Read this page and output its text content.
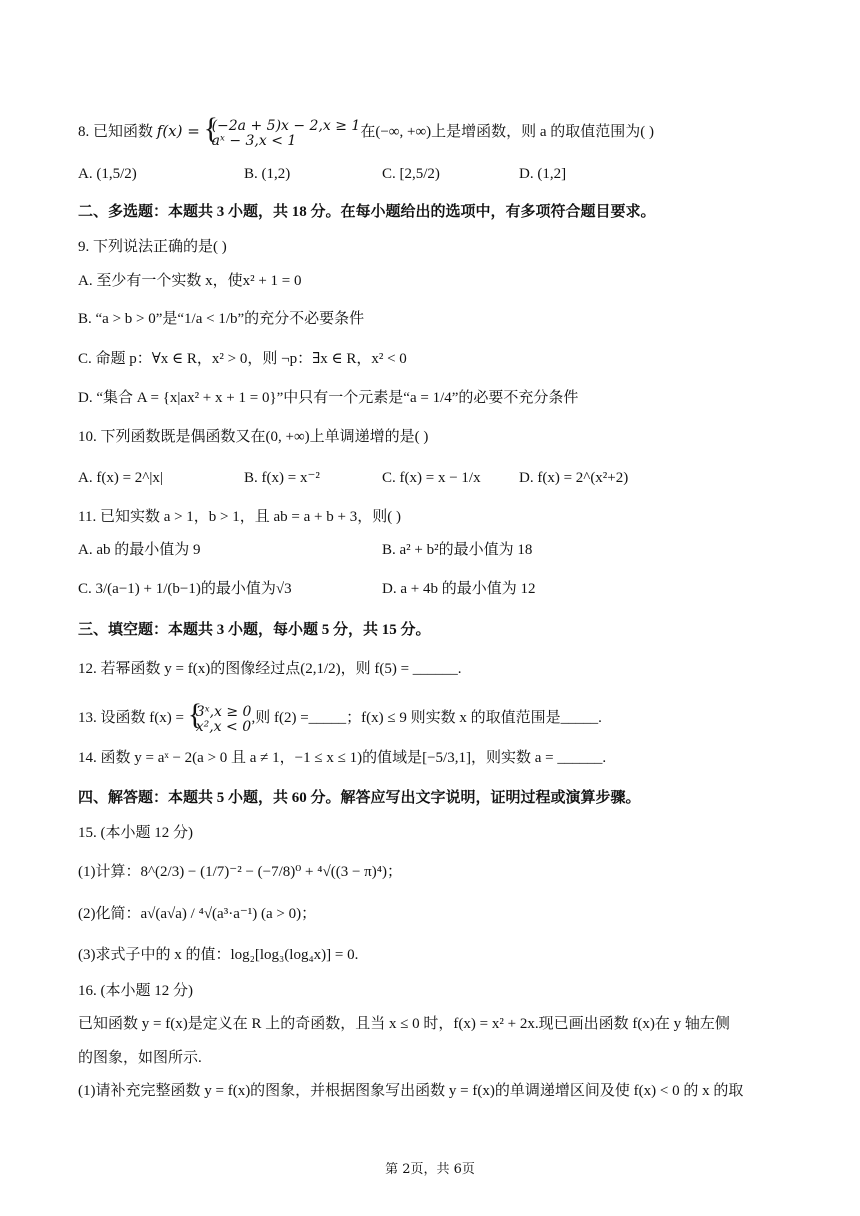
8. 已知函数 f(x) = {
(−2a + 5)x − 2,x ≥ 1
aˣ − 3,x < 1
在(−∞, +∞)上是增函数，则 a 的取值范围为( )
A. (1,5/2)	B. (1,2)	C. [2,5/2)	D. (1,2]
二、多选题：本题共 3 小题，共 18 分。在每小题给出的选项中，有多项符合题目要求。
9. 下列说法正确的是( )
A. 至少有一个实数 x，使x² + 1 = 0
B. “a > b > 0”是“1/a < 1/b”的充分不必要条件
C. 命题 p：∀x ∈ R，x² > 0，则 ¬p：∃x ∈ R，x² < 0
D. “集合 A = {x|ax² + x + 1 = 0}”中只有一个元素是“a = 1/4”的必要不充分条件
10. 下列函数既是偶函数又在(0, +∞)上单调递增的是( )
A. f(x) = 2^|x|	B. f(x) = x⁻²	C. f(x) = x − 1/x	D. f(x) = 2^(x²+2)
11. 已知实数 a > 1，b > 1，且 ab = a + b + 3，则( )
A. ab 的最小值为 9	B. a² + b²的最小值为 18
C. 3/(a−1) + 1/(b−1)的最小值为√3	D. a + 4b 的最小值为 12
三、填空题：本题共 3 小题，每小题 5 分，共 15 分。
12. 若幂函数 y = f(x)的图像经过点(2,1/2)，则 f(5) = ______.
13. 设函数 f(x) = {
3ˣ,x ≥ 0
x²,x < 0
,则 f(2) =_____；f(x) ≤ 9 则实数 x 的取值范围是_____.
14. 函数 y = aˣ − 2(a > 0 且 a ≠ 1，−1 ≤ x ≤ 1)的值域是[−5/3,1]，则实数 a = ______.
四、解答题：本题共 5 小题，共 60 分。解答应写出文字说明，证明过程或演算步骤。
15. (本小题 12 分)
(1)计算：8^(2/3) − (1/7)⁻² − (−7/8)⁰ + ⁴√((3 − π)⁴)；
(2)化简：a√(a√a) / ⁴√(a³·a⁻¹) (a > 0)；
(3)求式子中的 x 的值：log₂[log₃(log₄x)] = 0.
16. (本小题 12 分)
已知函数 y = f(x)是定义在 R 上的奇函数，且当 x ≤ 0 时，f(x) = x² + 2x.现已画出函数 f(x)在 y 轴左侧
的图象，如图所示.
(1)请补充完整函数 y = f(x)的图象，并根据图象写出函数 y = f(x)的单调递增区间及使 f(x) < 0 的 x 的取
第 2页，共 6页
